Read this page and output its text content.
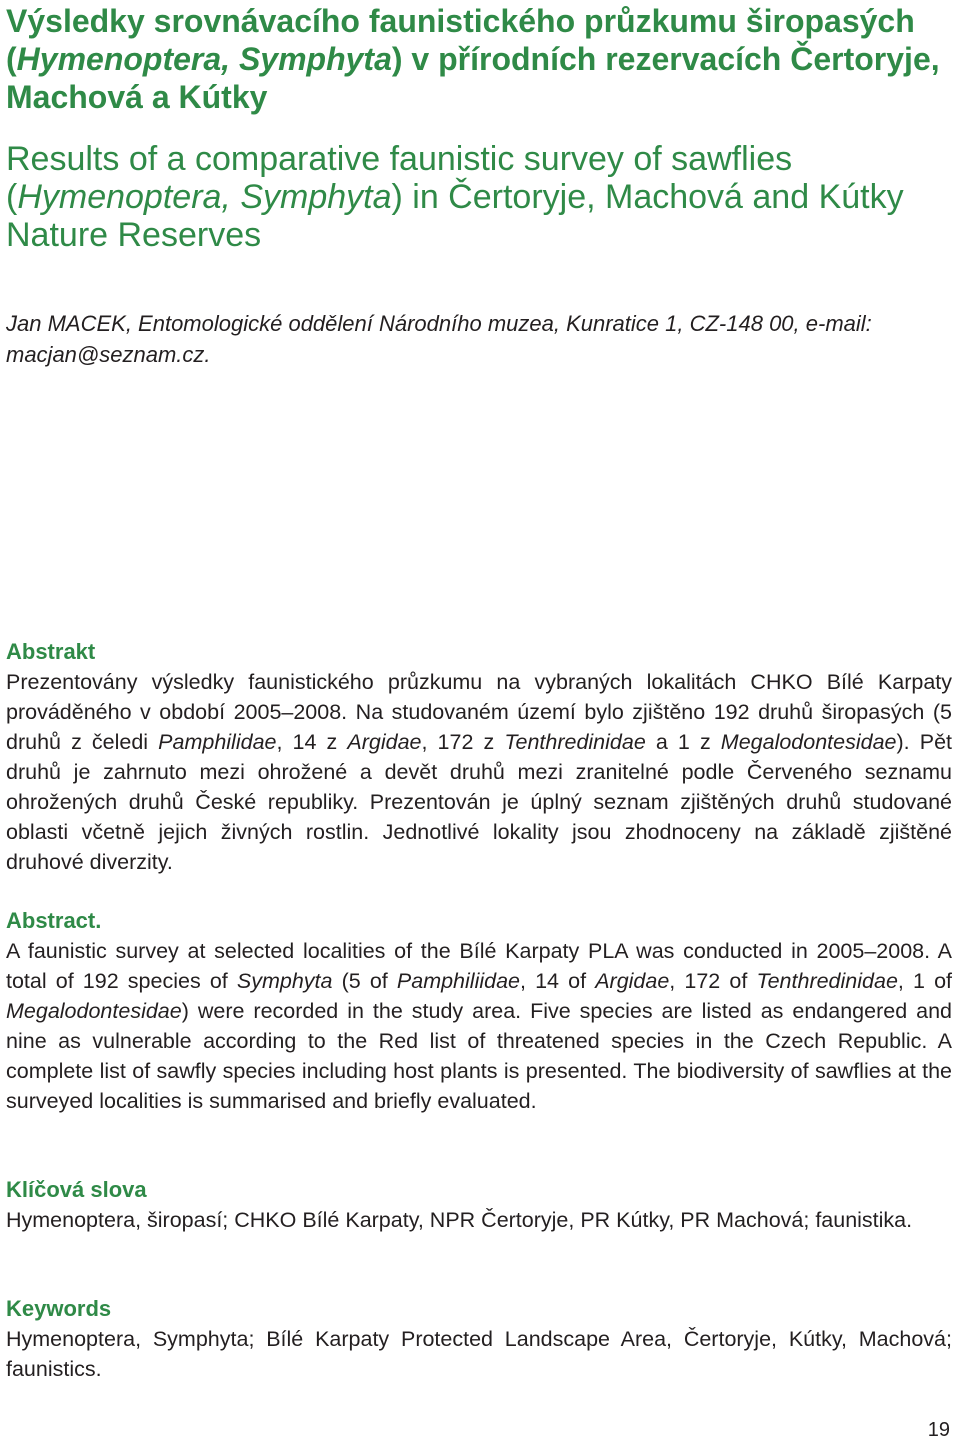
Výsledky srovnávacího faunistického průzkumu širopasých (Hymenoptera, Symphyta) v přírodních rezervacích Čertoryje, Machová a Kútky
Results of a comparative faunistic survey of sawflies (Hymenoptera, Symphyta) in Čertoryje, Machová and Kútky Nature Reserves

Jan MACEK, Entomologické oddělení Národního muzea, Kunratice 1, CZ-148 00, e-mail: macjan@seznam.cz.

Abstrakt

Prezentovány výsledky faunistického průzkumu na vybraných lokalitách CHKO Bílé Karpaty prováděného v období 2005–2008. Na studovaném území bylo zjištěno 192 druhů širopasých (5 druhů z čeledi Pamphilidae, 14 z Argidae, 172 z Tenthredinidae a 1 z Megalodontesidae). Pět druhů je zahrnuto mezi ohrožené a devět druhů mezi zranitelné podle Červeného seznamu ohrožených druhů České republiky. Prezentován je úplný seznam zjištěných druhů studované oblasti včetně jejich živných rostlin. Jednotlivé lokality jsou zhodnoceny na základě zjištěné druhové diverzity.

Abstract.

A faunistic survey at selected localities of the Bílé Karpaty PLA was conducted in 2005–2008. A total of 192 species of Symphyta (5 of Pamphiliidae, 14 of Argidae, 172 of Tenthredinidae, 1 of Megalodontesidae) were recorded in the study area. Five species are listed as endangered and nine as vulnerable according to the Red list of threatened species in the Czech Republic. A complete list of sawfly species including host plants is presented. The biodiversity of sawflies at the surveyed localities is summarised and briefly evaluated.

Klíčová slova

Hymenoptera, širopasí; CHKO Bílé Karpaty, NPR Čertoryje, PR Kútky, PR Machová; faunistika.

Keywords

Hymenoptera, Symphyta; Bílé Karpaty Protected Landscape Area, Čertoryje, Kútky, Machová; faunistics.

19
